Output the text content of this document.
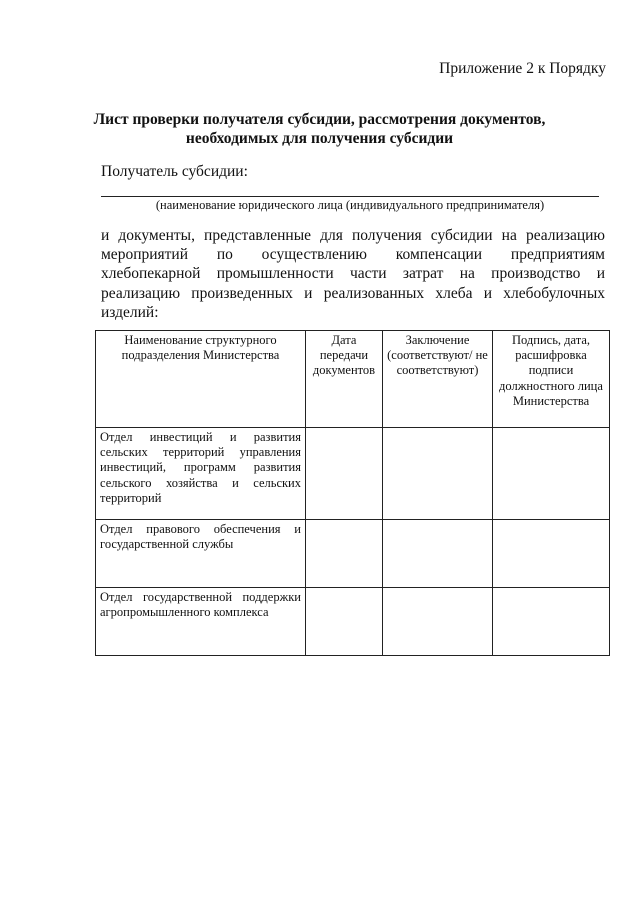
Приложение 2 к Порядку
Лист проверки получателя субсидии, рассмотрения документов,
необходимых для получения субсидии
Получатель субсидии:
(наименование юридического лица (индивидуального предпринимателя)
и документы, представленные для получения субсидии на реализацию мероприятий по осуществлению компенсации предприятиям хлебопекарной промышленности части затрат на производство и реализацию произведенных и реализованных хлеба и хлебобулочных изделий:
Наименование структурного подразделения Министерства	Дата передачи документов	Заключение (соответствуют/ не соответствуют)	Подпись, дата, расшифровка подписи должностного лица Министерства
Отдел инвестиций и развития сельских территорий управления инвестиций, программ развития сельского хозяйства и сельских территорий			
Отдел правового обеспечения и государственной службы			
Отдел государственной поддержки агропромышленного комплекса			
